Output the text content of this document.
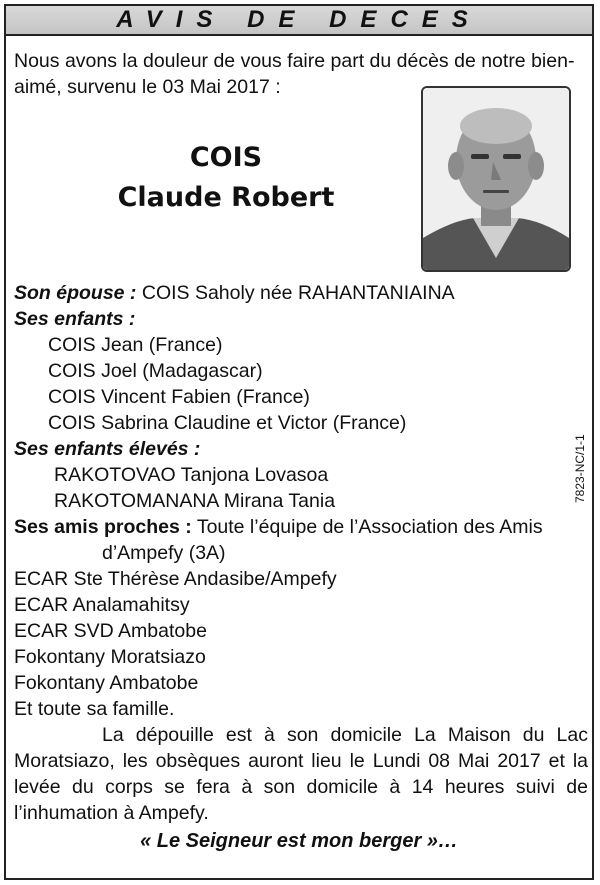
AVIS DE DECES
Nous avons la douleur de vous faire part du décès de notre bien-
aimé, survenu le 03 Mai 2017 :
COIS
Claude Robert
Son épouse : COIS Saholy née RAHANTANIAINA
Ses enfants :
COIS Jean (France)
COIS Joel (Madagascar)
COIS Vincent Fabien (France)
COIS Sabrina Claudine et Victor (France)
Ses enfants élevés :
RAKOTOVAO Tanjona Lovasoa
RAKOTOMANANA Mirana Tania
Ses amis proches : Toute l’équipe de l’Association des Amis
d’Ampefy (3A)
ECAR Ste Thérèse Andasibe/Ampefy
ECAR Analamahitsy
ECAR SVD Ambatobe
Fokontany Moratsiazo
Fokontany Ambatobe
Et toute sa famille.
La dépouille est à son domicile La Maison du Lac
Moratsiazo, les obsèques auront lieu le Lundi 08 Mai 2017 et la
levée du corps se fera à son domicile à 14 heures suivi de
l’inhumation à Ampefy.
« Le Seigneur est mon berger »…
7823-NC/1-1
